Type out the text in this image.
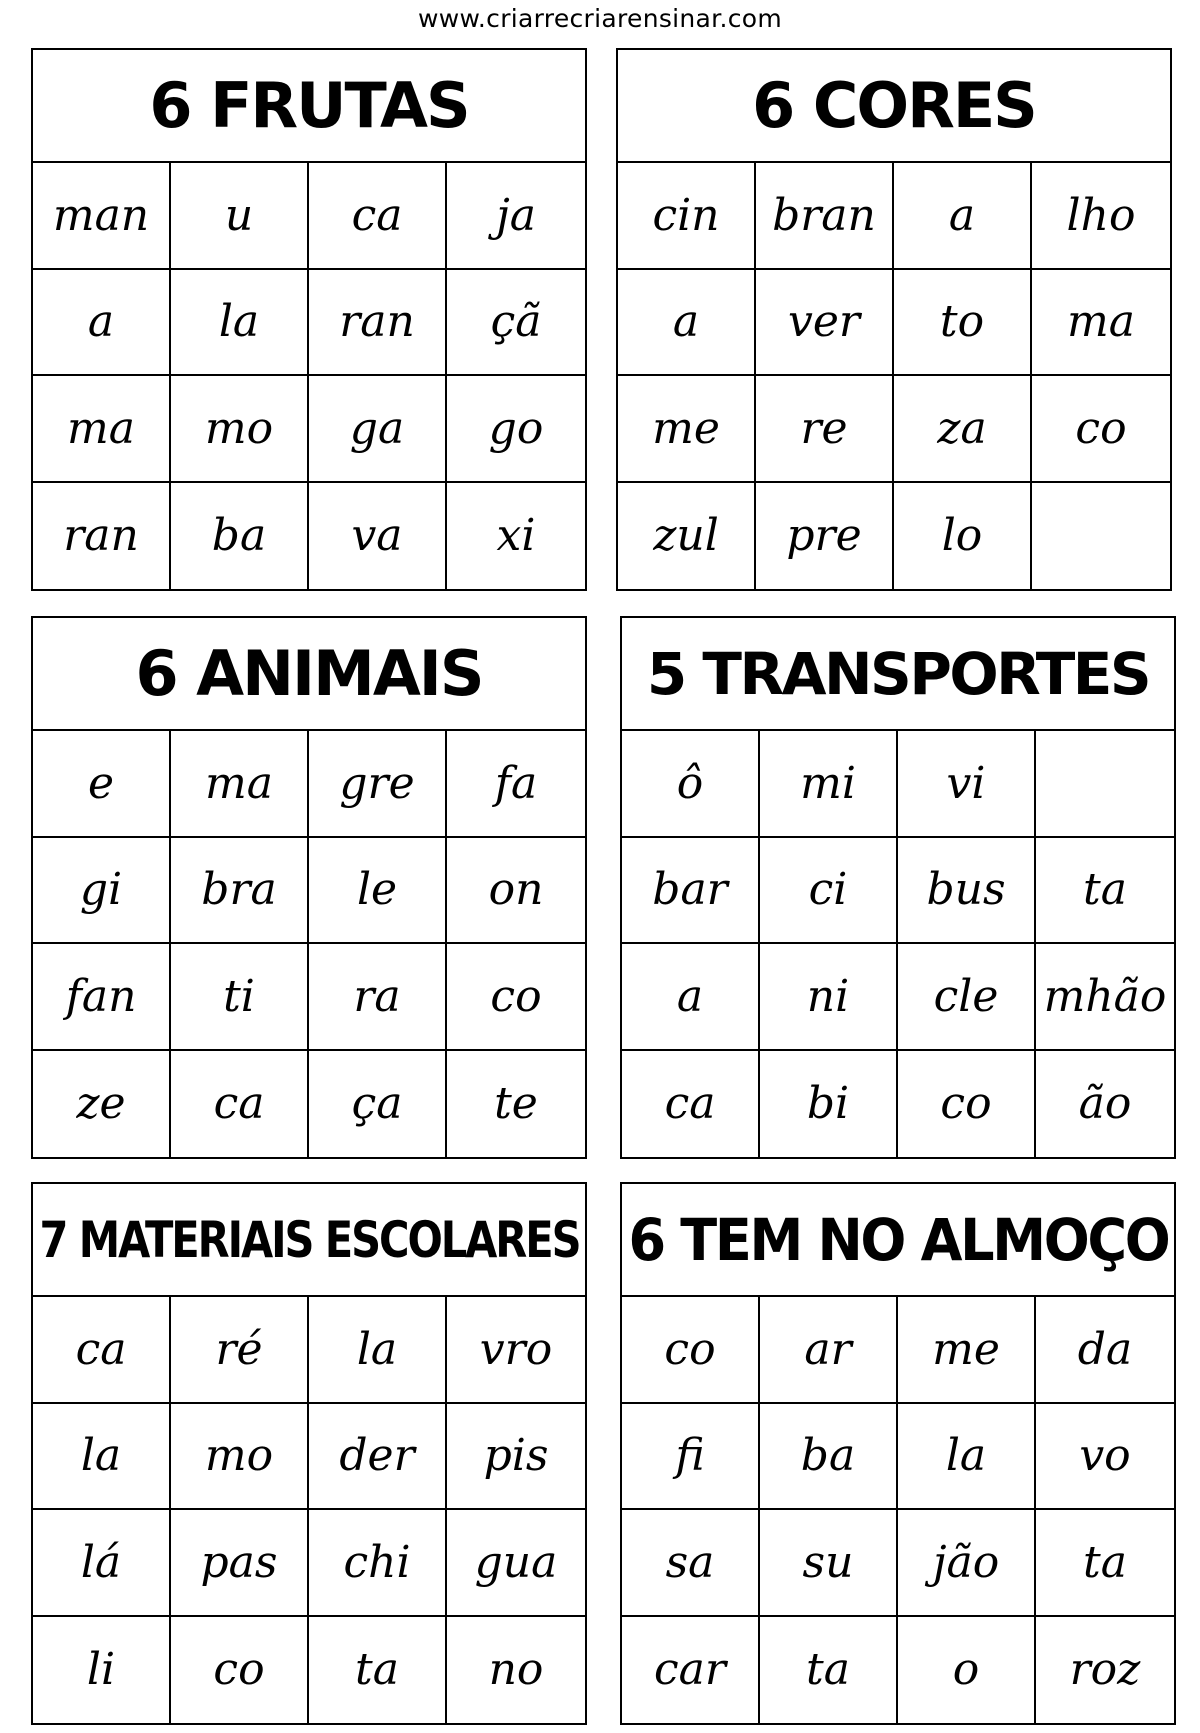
www.criarrecriarensinar.com
6 FRUTAS
man u ca ja
a la ran çã
ma mo ga go
ran ba va xi
6 CORES
cin bran a lho
a ver to ma
me re za co
zul pre lo
6 ANIMAIS
e ma gre fa
gi bra le on
fan ti ra co
ze ca ça te
5 TRANSPORTES
ô mi vi
bar ci bus ta
a ni cle mhão
ca bi co ão
7 MATERIAIS ESCOLARES
ca ré la vro
la mo der pis
lá pas chi gua
li co ta no
6 TEM NO ALMOÇO
co ar me da
fi ba la vo
sa su jão ta
car ta o roz
